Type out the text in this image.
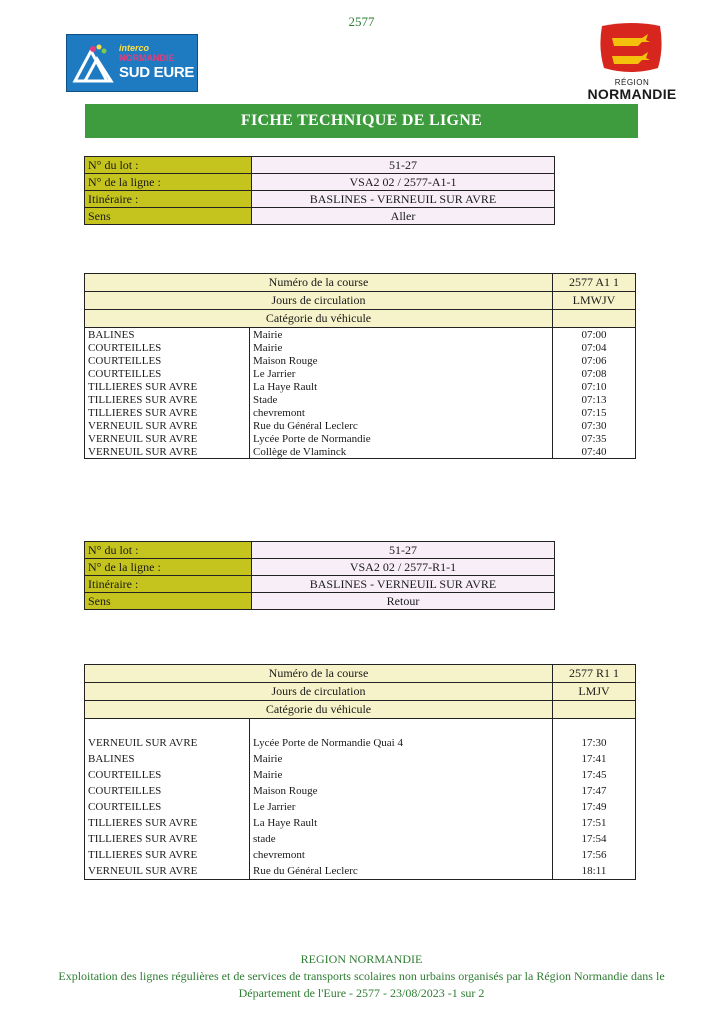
2577
interco
NORMANDIE
SUD EURE
RÉGION
NORMANDIE
FICHE TECHNIQUE DE LIGNE
N° du lot :	51-27
N° de la ligne :	VSA2 02 / 2577-A1-1
Itinéraire :	BASLINES - VERNEUIL SUR AVRE
Sens	Aller
Numéro de la course		2577 A1 1
Jours de circulation		LMWJV
Catégorie du véhicule		
BALINES	Mairie	07:00
COURTEILLES	Mairie	07:04
COURTEILLES	Maison Rouge	07:06
COURTEILLES	Le Jarrier	07:08
TILLIERES SUR AVRE	La Haye Rault	07:10
TILLIERES SUR AVRE	Stade	07:13
TILLIERES SUR AVRE	chevremont	07:15
VERNEUIL SUR AVRE	Rue du Général Leclerc	07:30
VERNEUIL SUR AVRE	Lycée Porte de Normandie	07:35
VERNEUIL SUR AVRE	Collège de Vlaminck	07:40
N° du lot :	51-27
N° de la ligne :	VSA2 02 / 2577-R1-1
Itinéraire :	BASLINES - VERNEUIL SUR AVRE
Sens	Retour
Numéro de la course		2577 R1 1
Jours de circulation		LMJV
Catégorie du véhicule		

VERNEUIL SUR AVRE	Lycée Porte de Normandie Quai 4	17:30
BALINES	Mairie	17:41
COURTEILLES	Mairie	17:45
COURTEILLES	Maison Rouge	17:47
COURTEILLES	Le Jarrier	17:49
TILLIERES SUR AVRE	La Haye Rault	17:51
TILLIERES SUR AVRE	stade	17:54
TILLIERES SUR AVRE	chevremont	17:56
VERNEUIL SUR AVRE	Rue du Général Leclerc	18:11
REGION NORMANDIE
Exploitation des lignes régulières et de services de transports scolaires non urbains organisés par la Région Normandie dans le
Département de l'Eure - 2577 - 23/08/2023 -1 sur 2
